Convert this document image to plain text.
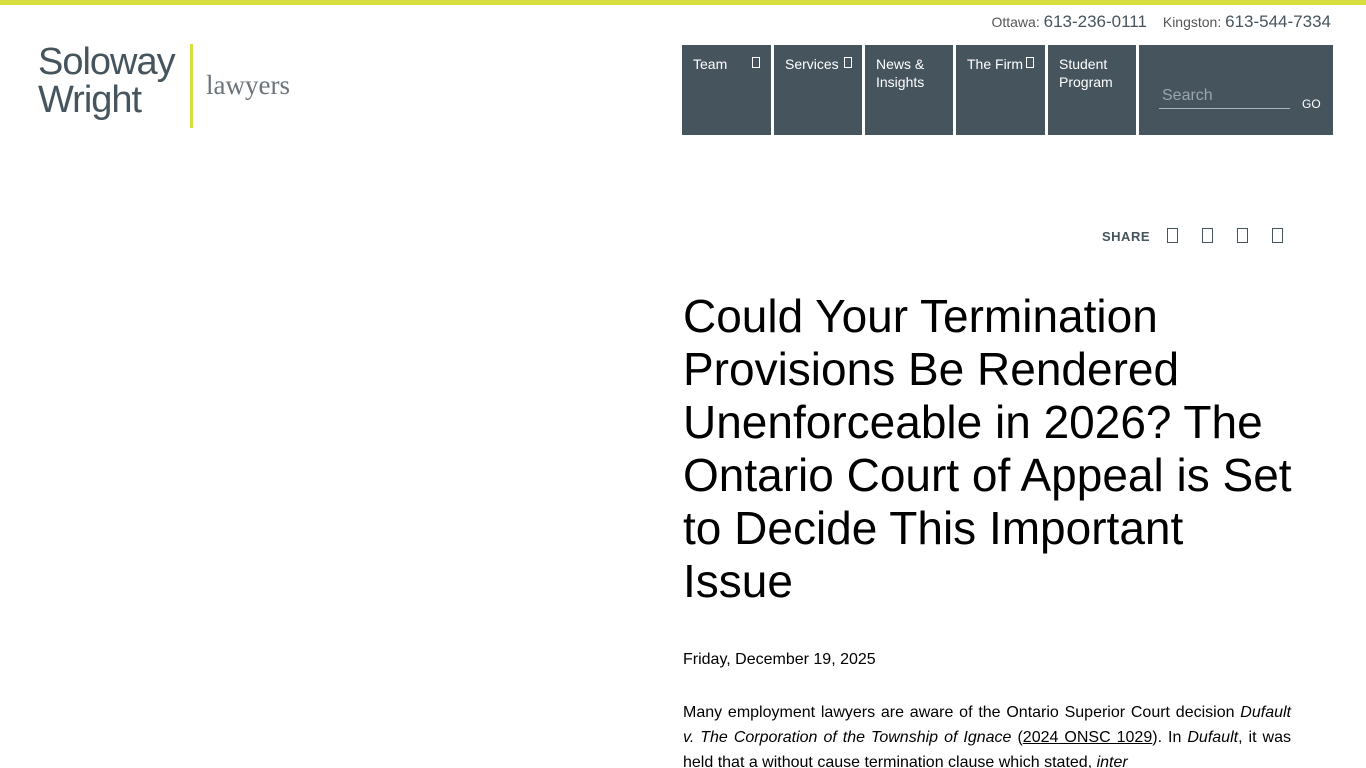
Soloway
Wright	lawyers
Ottawa: 613-236-0111 Kingston: 613-544-7334
Team	Services	News & Insights
The Firm	Student Program
Search
GO
SHARE
Could Your Termination Provisions Be Rendered Unenforceable in 2026? The Ontario Court of Appeal is Set to Decide This Important Issue
Friday, December 19, 2025

Many employment lawyers are aware of the Ontario Superior Court decision Dufault v. The Corporation of the Township of Ignace (2024 ONSC 1029). In Dufault, it was held that a without cause termination clause which stated, inter
